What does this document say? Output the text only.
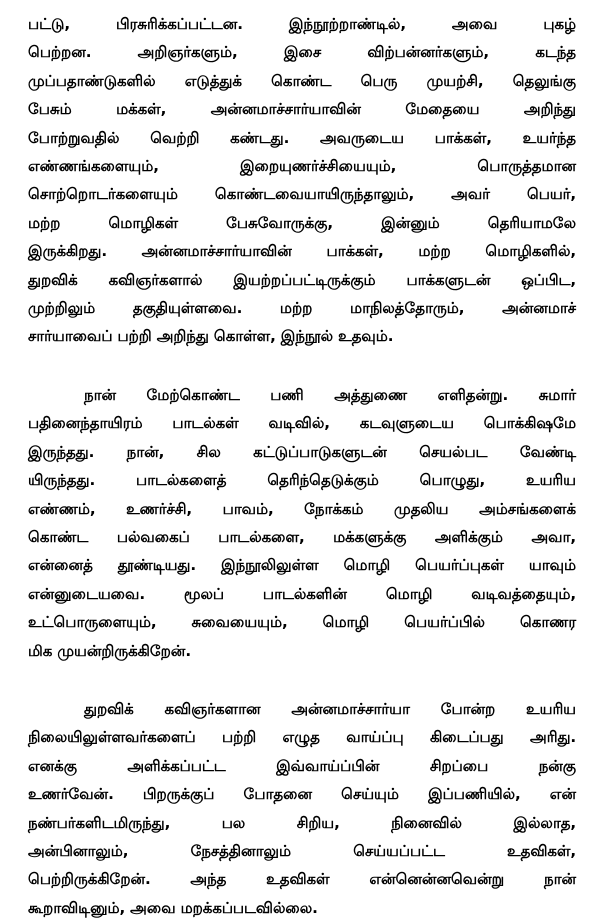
பட்டு, பிரசுரிக்கப்பட்டன. இந்நூற்றாண்டில், அவை புகழ்
பெற்றன. அறிஞர்களும், இசை விற்பன்னர்களும், கடந்த
முப்பதாண்டுகளில் எடுத்துக் கொண்ட பெரு முயற்சி, தெலுங்கு
பேசும் மக்கள், அன்னமாச்சார்யாவின் மேதையை அறிந்து
போற்றுவதில் வெற்றி கண்டது. அவருடைய பாக்கள், உயர்ந்த
எண்ணங்களையும், இறையுணர்ச்சியையும், பொருத்தமான
சொற்றொடர்களையும் கொண்டவையாயிருந்தாலும், அவர் பெயர்,
மற்ற மொழிகள் பேசுவோருக்கு, இன்னும் தெரியாமலே
இருக்கிறது. அன்னமாச்சார்யாவின் பாக்கள், மற்ற மொழிகளில்,
துறவிக் கவிஞர்களால் இயற்றப்பட்டிருக்கும் பாக்களுடன் ஒப்பிட,
முற்றிலும் தகுதியுள்ளவை. மற்ற மாநிலத்தோரும், அன்னமாச்
சார்யாவைப் பற்றி அறிந்து கொள்ள, இந்நூல் உதவும்.

நான் மேற்கொண்ட பணி அத்துணை எளிதன்று. சுமார்
பதினைந்தாயிரம் பாடல்கள் வடிவில், கடவுளுடைய பொக்கிஷமே
இருந்தது. நான், சில கட்டுப்பாடுகளுடன் செயல்பட வேண்டி
யிருந்தது. பாடல்களைத் தெரிந்தெடுக்கும் பொழுது, உயரிய
எண்ணம், உணர்ச்சி, பாவம், நோக்கம் முதலிய அம்சங்களைக்
கொண்ட பல்வகைப் பாடல்களை, மக்களுக்கு அளிக்கும் அவா,
என்னைத் தூண்டியது. இந்நூலிலுள்ள மொழி பெயர்ப்புகள் யாவும்
என்னுடையவை. மூலப் பாடல்களின் மொழி வடிவத்தையும்,
உட்பொருளையும், சுவையையும், மொழி பெயர்ப்பில் கொணர
மிக முயன்றிருக்கிறேன்.

துறவிக் கவிஞர்களான அன்னமாச்சார்யா போன்ற உயரிய
நிலையிலுள்ளவர்களைப் பற்றி எழுத வாய்ப்பு கிடைப்பது அரிது.
எனக்கு அளிக்கப்பட்ட இவ்வாய்ப்பின் சிறப்பை நன்கு
உணர்வேன். பிறருக்குப் போதனை செய்யும் இப்பணியில், என்
நண்பர்களிடமிருந்து, பல சிறிய, நினைவில் இல்லாத,
அன்பினாலும், நேசத்தினாலும் செய்யப்பட்ட உதவிகள்,
பெற்றிருக்கிறேன். அந்த உதவிகள் என்னென்னவென்று நான்
கூறாவிடினும், அவை மறக்கப்படவில்லை.
